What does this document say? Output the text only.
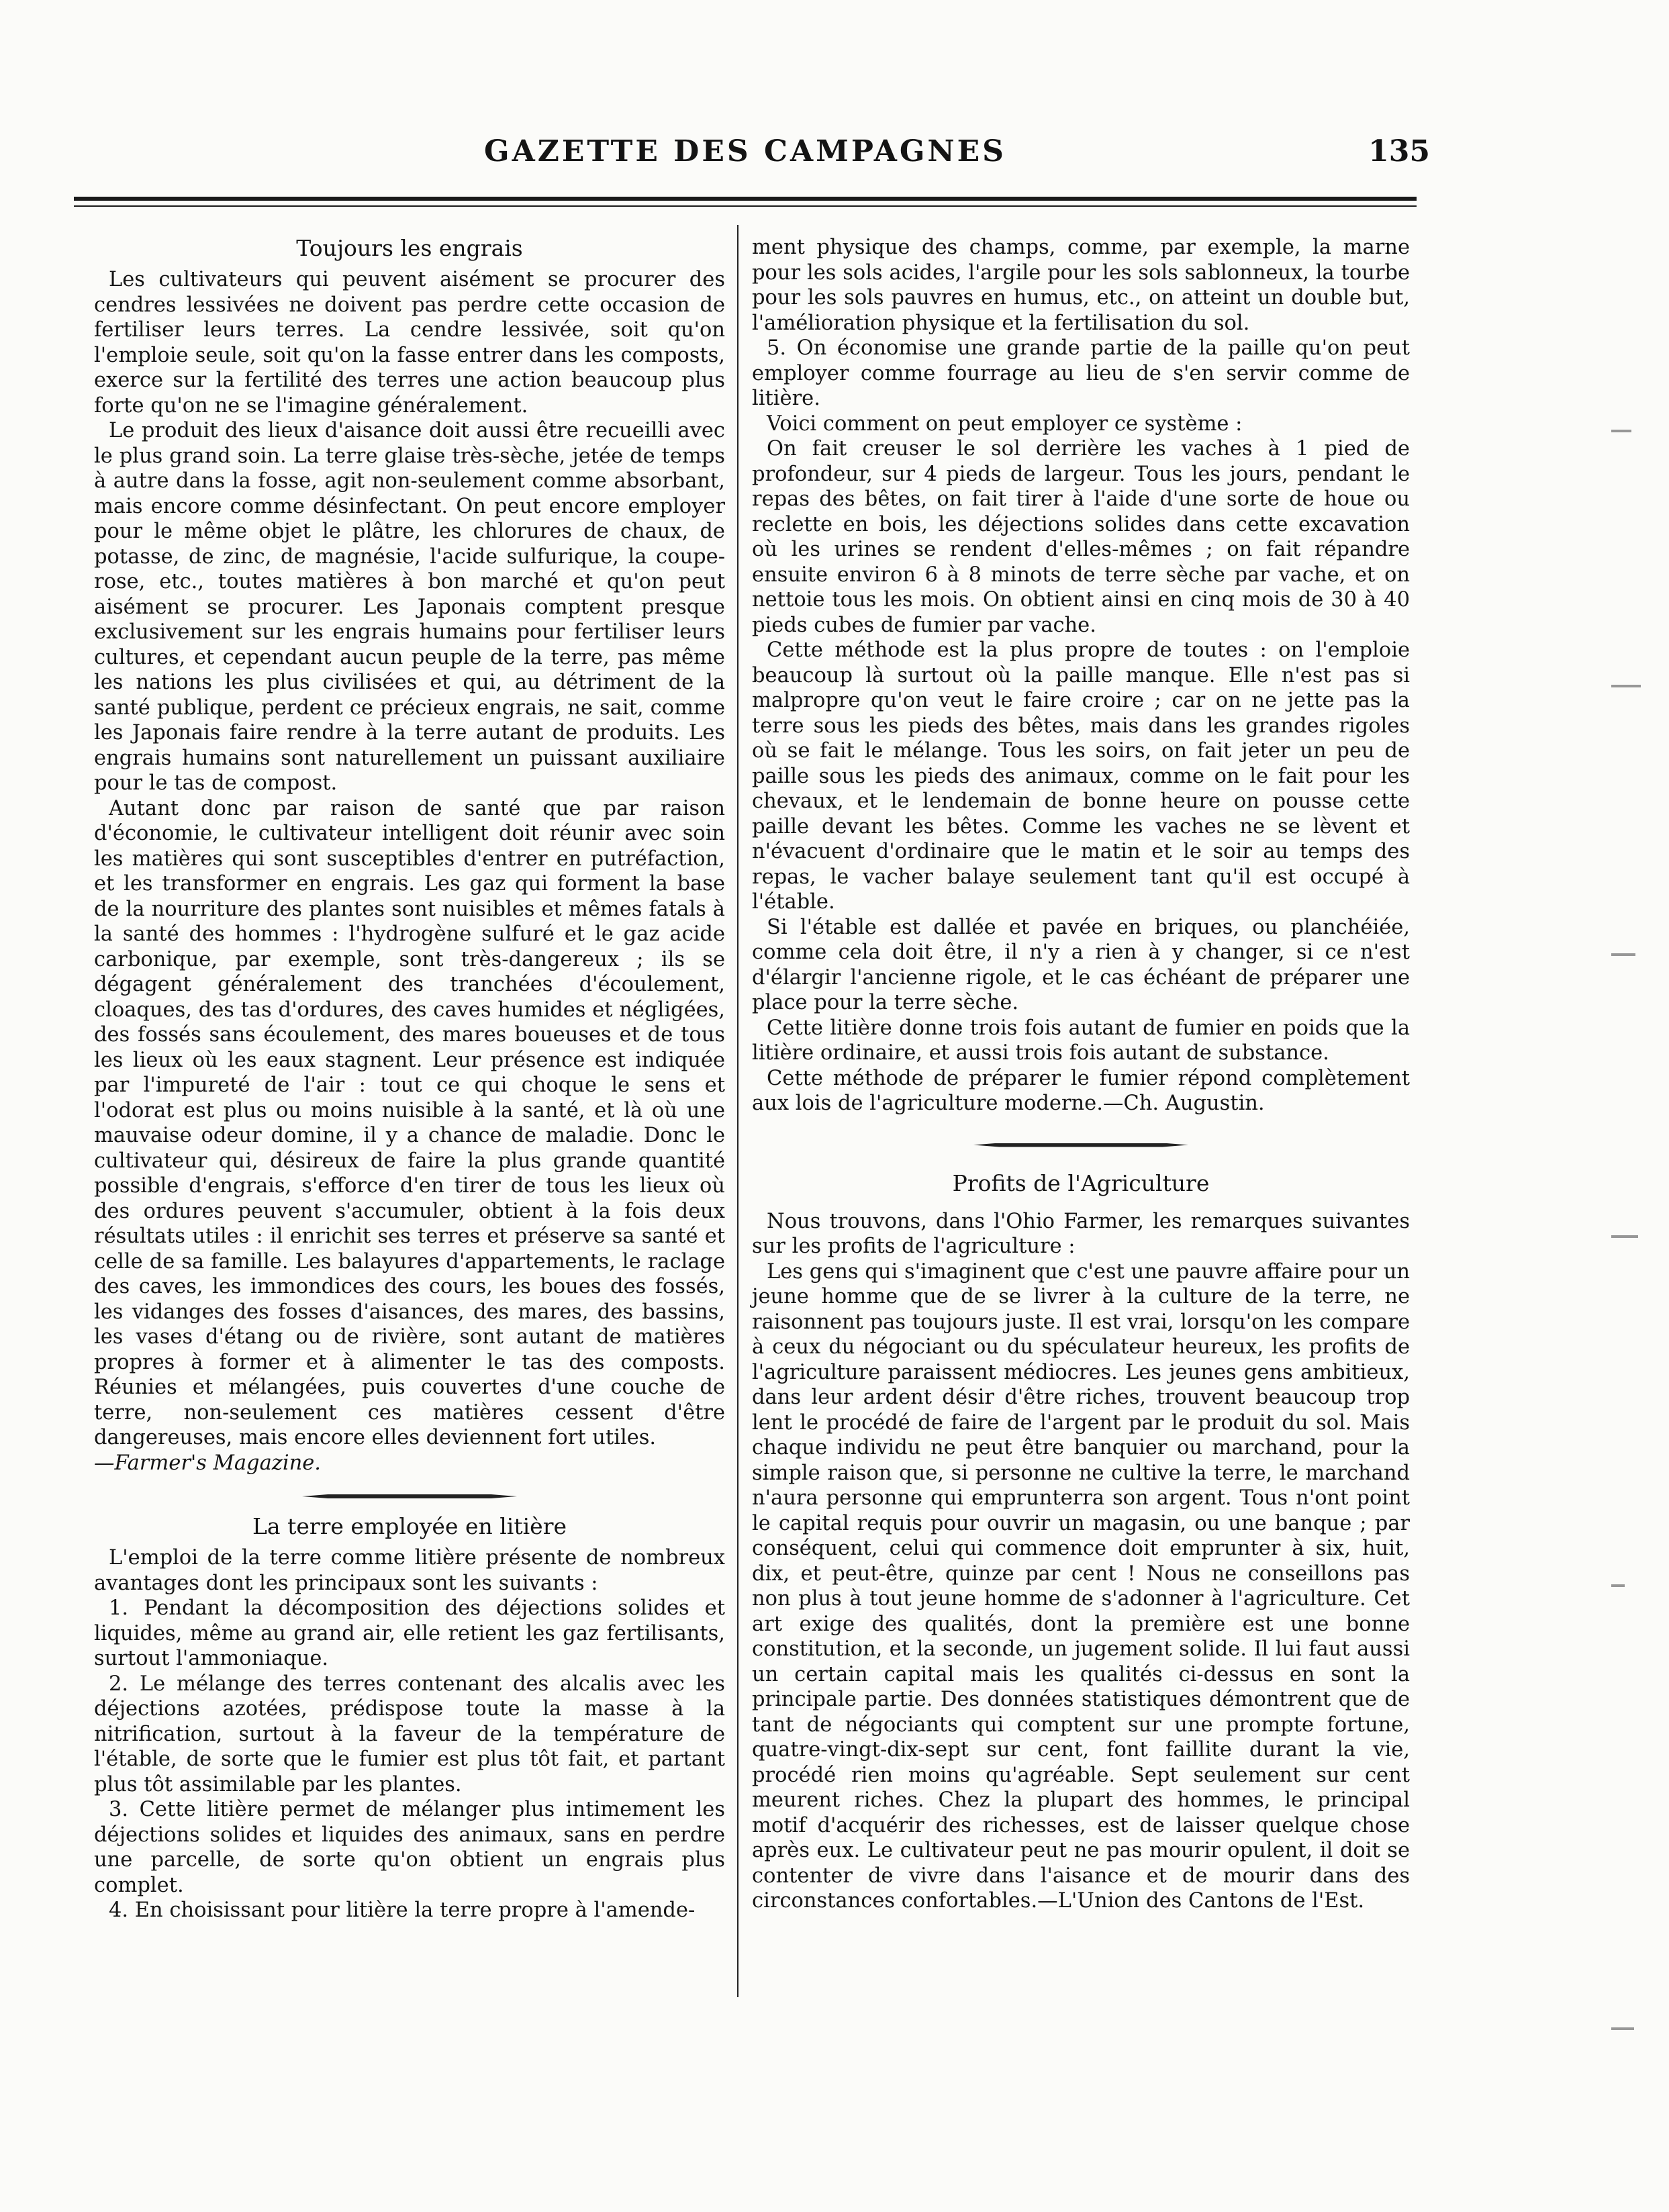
GAZETTE DES CAMPAGNES	135
Toujours les engrais

Les cultivateurs qui peuvent aisément se procurer des cendres lessivées ne doivent pas perdre cette occasion de fertiliser leurs terres. La cendre lessivée, soit qu'on l'emploie seule, soit qu'on la fasse entrer dans les composts, exerce sur la fertilité des terres une action beaucoup plus forte qu'on ne se l'imagine généralement.

Le produit des lieux d'aisance doit aussi être recueilli avec le plus grand soin. La terre glaise très-sèche, jetée de temps à autre dans la fosse, agit non-seulement comme absorbant, mais encore comme désinfectant. On peut encore employer pour le même objet le plâtre, les chlorures de chaux, de potasse, de zinc, de magnésie, l'acide sulfurique, la coupe-rose, etc., toutes matières à bon marché et qu'on peut aisément se procurer. Les Japonais comptent presque exclusivement sur les engrais humains pour fertiliser leurs cultures, et cependant aucun peuple de la terre, pas même les nations les plus civilisées et qui, au détriment de la santé publique, perdent ce précieux engrais, ne sait, comme les Japonais faire rendre à la terre autant de produits. Les engrais humains sont naturellement un puissant auxiliaire pour le tas de compost.

Autant donc par raison de santé que par raison d'économie, le cultivateur intelligent doit réunir avec soin les matières qui sont susceptibles d'entrer en putréfaction, et les transformer en engrais. Les gaz qui forment la base de la nourriture des plantes sont nuisibles et mêmes fatals à la santé des hommes : l'hydrogène sulfuré et le gaz acide carbonique, par exemple, sont très-dangereux ; ils se dégagent généralement des tranchées d'écoulement, cloaques, des tas d'ordures, des caves humides et négligées, des fossés sans écoulement, des mares boueuses et de tous les lieux où les eaux stagnent. Leur présence est indiquée par l'impureté de l'air : tout ce qui choque le sens et l'odorat est plus ou moins nuisible à la santé, et là où une mauvaise odeur domine, il y a chance de maladie. Donc le cultivateur qui, désireux de faire la plus grande quantité possible d'engrais, s'efforce d'en tirer de tous les lieux où des ordures peuvent s'accumuler, obtient à la fois deux résultats utiles : il enrichit ses terres et préserve sa santé et celle de sa famille. Les balayures d'appartements, le raclage des caves, les immondices des cours, les boues des fossés, les vidanges des fosses d'aisances, des mares, des bassins, les vases d'étang ou de rivière, sont autant de matières propres à former et à alimenter le tas des composts. Réunies et mélangées, puis couvertes d'une couche de terre, non-seulement ces matières cessent d'être dangereuses, mais encore elles deviennent fort utiles.

—Farmer's Magazine.

La terre employée en litière

L'emploi de la terre comme litière présente de nombreux avantages dont les principaux sont les suivants :

1. Pendant la décomposition des déjections solides et liquides, même au grand air, elle retient les gaz fertilisants, surtout l'ammoniaque.

2. Le mélange des terres contenant des alcalis avec les déjections azotées, prédispose toute la masse à la nitrification, surtout à la faveur de la température de l'étable, de sorte que le fumier est plus tôt fait, et partant plus tôt assimilable par les plantes.

3. Cette litière permet de mélanger plus intimement les déjections solides et liquides des animaux, sans en perdre une parcelle, de sorte qu'on obtient un engrais plus complet.

4. En choisissant pour litière la terre propre à l'amende-

ment physique des champs, comme, par exemple, la marne pour les sols acides, l'argile pour les sols sablonneux, la tourbe pour les sols pauvres en humus, etc., on atteint un double but, l'amélioration physique et la fertilisation du sol.

5. On économise une grande partie de la paille qu'on peut employer comme fourrage au lieu de s'en servir comme de litière.

Voici comment on peut employer ce système :

On fait creuser le sol derrière les vaches à 1 pied de profondeur, sur 4 pieds de largeur. Tous les jours, pendant le repas des bêtes, on fait tirer à l'aide d'une sorte de houe ou reclette en bois, les déjections solides dans cette excavation où les urines se rendent d'elles-mêmes ; on fait répandre ensuite environ 6 à 8 minots de terre sèche par vache, et on nettoie tous les mois. On obtient ainsi en cinq mois de 30 à 40 pieds cubes de fumier par vache.

Cette méthode est la plus propre de toutes : on l'emploie beaucoup là surtout où la paille manque. Elle n'est pas si malpropre qu'on veut le faire croire ; car on ne jette pas la terre sous les pieds des bêtes, mais dans les grandes rigoles où se fait le mélange. Tous les soirs, on fait jeter un peu de paille sous les pieds des animaux, comme on le fait pour les chevaux, et le lendemain de bonne heure on pousse cette paille devant les bêtes. Comme les vaches ne se lèvent et n'évacuent d'ordinaire que le matin et le soir au temps des repas, le vacher balaye seulement tant qu'il est occupé à l'étable.

Si l'étable est dallée et pavée en briques, ou planchéiée, comme cela doit être, il n'y a rien à y changer, si ce n'est d'élargir l'ancienne rigole, et le cas échéant de préparer une place pour la terre sèche.

Cette litière donne trois fois autant de fumier en poids que la litière ordinaire, et aussi trois fois autant de substance.

Cette méthode de préparer le fumier répond complètement aux lois de l'agriculture moderne.—Ch. Augustin.

Profits de l'Agriculture

Nous trouvons, dans l'Ohio Farmer, les remarques suivantes sur les profits de l'agriculture :

Les gens qui s'imaginent que c'est une pauvre affaire pour un jeune homme que de se livrer à la culture de la terre, ne raisonnent pas toujours juste. Il est vrai, lorsqu'on les compare à ceux du négociant ou du spéculateur heureux, les profits de l'agriculture paraissent médiocres. Les jeunes gens ambitieux, dans leur ardent désir d'être riches, trouvent beaucoup trop lent le procédé de faire de l'argent par le produit du sol. Mais chaque individu ne peut être banquier ou marchand, pour la simple raison que, si personne ne cultive la terre, le marchand n'aura personne qui emprunterra son argent. Tous n'ont point le capital requis pour ouvrir un magasin, ou une banque ; par conséquent, celui qui commence doit emprunter à six, huit, dix, et peut-être, quinze par cent ! Nous ne conseillons pas non plus à tout jeune homme de s'adonner à l'agriculture. Cet art exige des qualités, dont la première est une bonne constitution, et la seconde, un jugement solide. Il lui faut aussi un certain capital mais les qualités ci-dessus en sont la principale partie. Des données statistiques démontrent que de tant de négociants qui comptent sur une prompte fortune, quatre-vingt-dix-sept sur cent, font faillite durant la vie, procédé rien moins qu'agréable. Sept seulement sur cent meurent riches. Chez la plupart des hommes, le principal motif d'acquérir des richesses, est de laisser quelque chose après eux. Le cultivateur peut ne pas mourir opulent, il doit se contenter de vivre dans l'aisance et de mourir dans des circonstances confortables.—L'Union des Cantons de l'Est.
